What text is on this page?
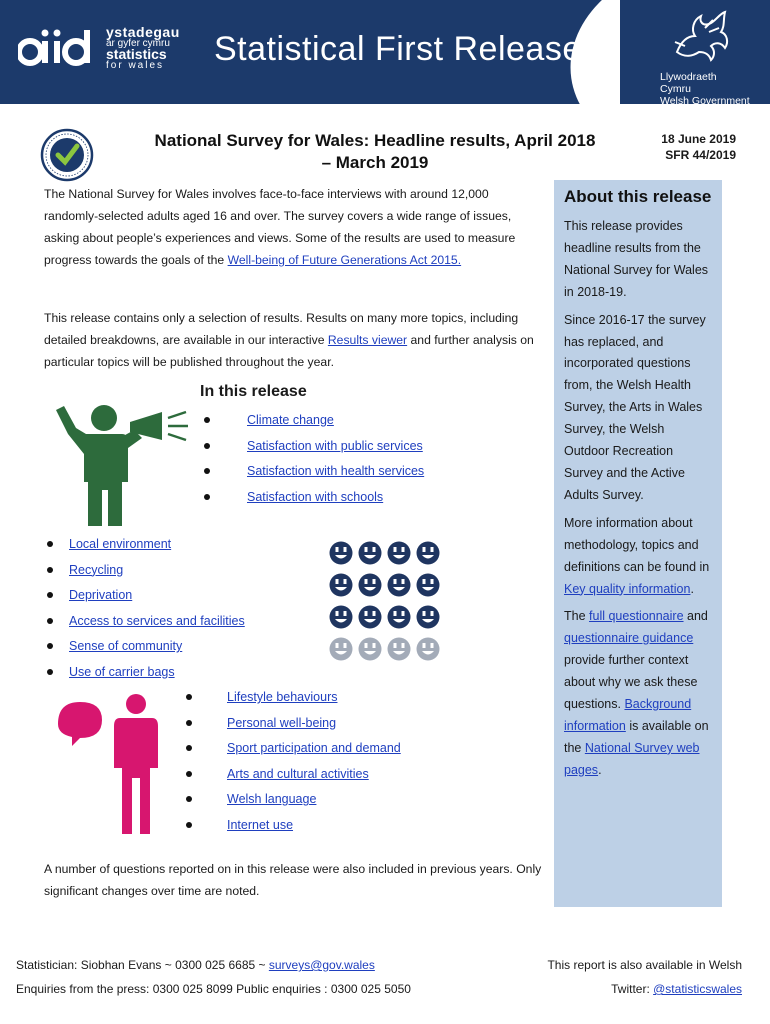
ystadegau
ar gyfer cymru
statistics
for wales	Statistical First Release
Llywodraeth Cymru
Welsh Government
National Survey for Wales: Headline results, April 2018 – March 2019
18 June 2019
SFR 44/2019
The National Survey for Wales involves face-to-face interviews with around 12,000 randomly-selected adults aged 16 and over. The survey covers a wide range of issues, asking about people’s experiences and views. Some of the results are used to measure progress towards the goals of the Well-being of Future Generations Act 2015.
This release contains only a selection of results. Results on many more topics, including detailed breakdowns, are available in our interactive Results viewer and further analysis on particular topics will be published throughout the year.
In this release
Climate change
Satisfaction with public services
Satisfaction with health services
Satisfaction with schools
Local environment
Recycling
Deprivation
Access to services and facilities
Sense of community
Use of carrier bags
Lifestyle behaviours
Personal well-being
Sport participation and demand
Arts and cultural activities
Welsh language
Internet use
A number of questions reported on in this release were also included in previous years. Only significant changes over time are noted.
About this release
This release provides headline results from the National Survey for Wales in 2018-19.
Since 2016-17 the survey has replaced, and incorporated questions from, the Welsh Health Survey, the Arts in Wales Survey, the Welsh Outdoor Recreation Survey and the Active Adults Survey.
More information about methodology, topics and definitions can be found in Key quality information.
The full questionnaire and questionnaire guidance provide further context about why we ask these questions. Background information is available on the National Survey web pages.
Statistician: Siobhan Evans ~ 0300 025 6685 ~ surveys@gov.wales	This report is also available in Welsh
Enquiries from the press: 0300 025 8099 Public enquiries : 0300 025 5050	Twitter: @statisticswales
